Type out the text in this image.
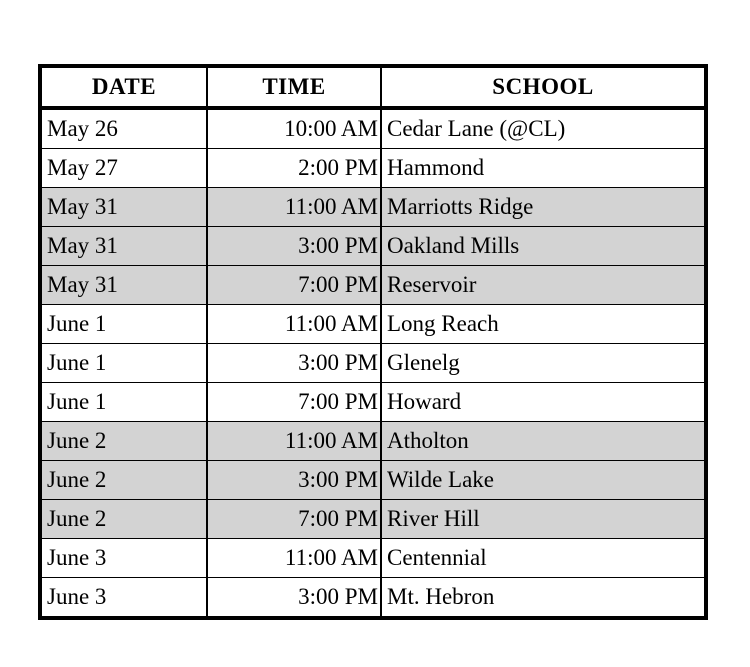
DATE	TIME	SCHOOL
May 26	10:00 AM	Cedar Lane (@CL)
May 27	2:00 PM	Hammond
May 31	11:00 AM	Marriotts Ridge
May 31	3:00 PM	Oakland Mills
May 31	7:00 PM	Reservoir
June 1	11:00 AM	Long Reach
June 1	3:00 PM	Glenelg
June 1	7:00 PM	Howard
June 2	11:00 AM	Atholton
June 2	3:00 PM	Wilde Lake
June 2	7:00 PM	River Hill
June 3	11:00 AM	Centennial
June 3	3:00 PM	Mt. Hebron
